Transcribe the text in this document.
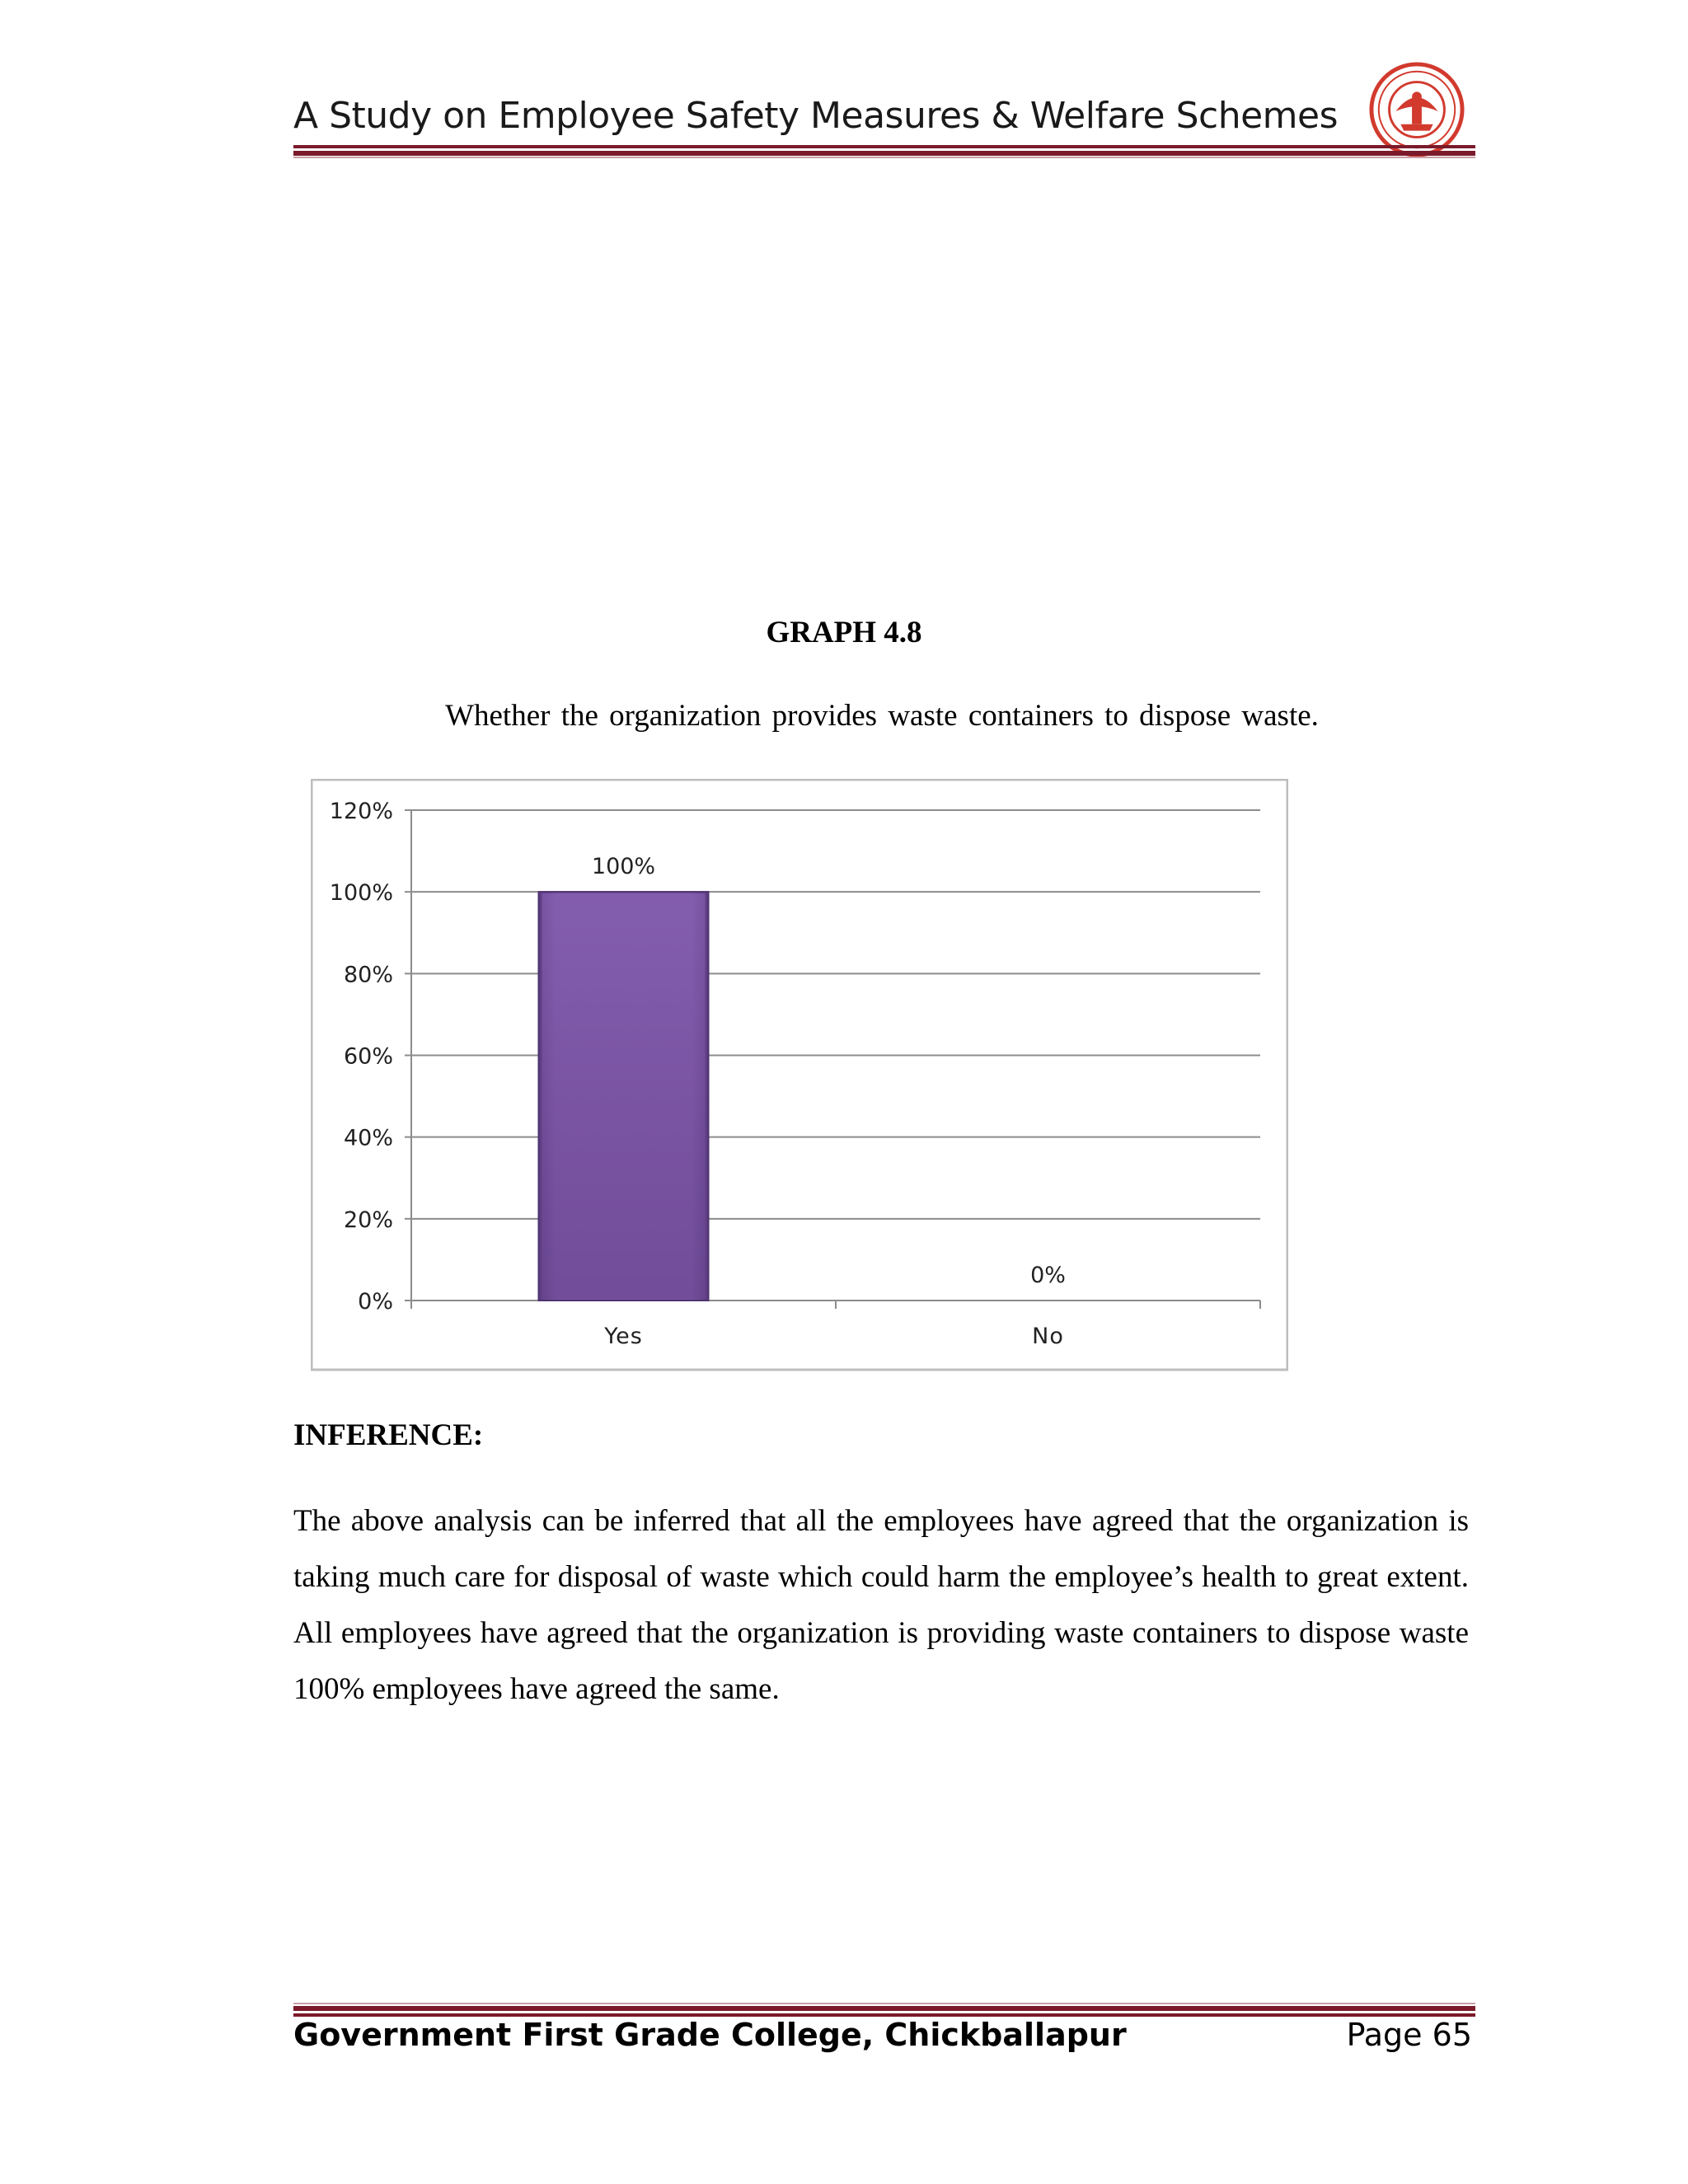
A Study on Employee Safety Measures & Welfare Schemes
GRAPH 4.8
Whether the organization provides waste containers to dispose waste.
0%
20%
40%
60%
80%
100%
120%
100%
Yes
0%
No
INFERENCE:
The above analysis can be inferred that all the employees have agreed that the organization is taking much care for disposal of waste which could harm the employee’s health to great extent. All employees have agreed that the organization is providing waste containers to dispose waste 100% employees have agreed the same.
Government First Grade College, Chickballapur	Page 65
